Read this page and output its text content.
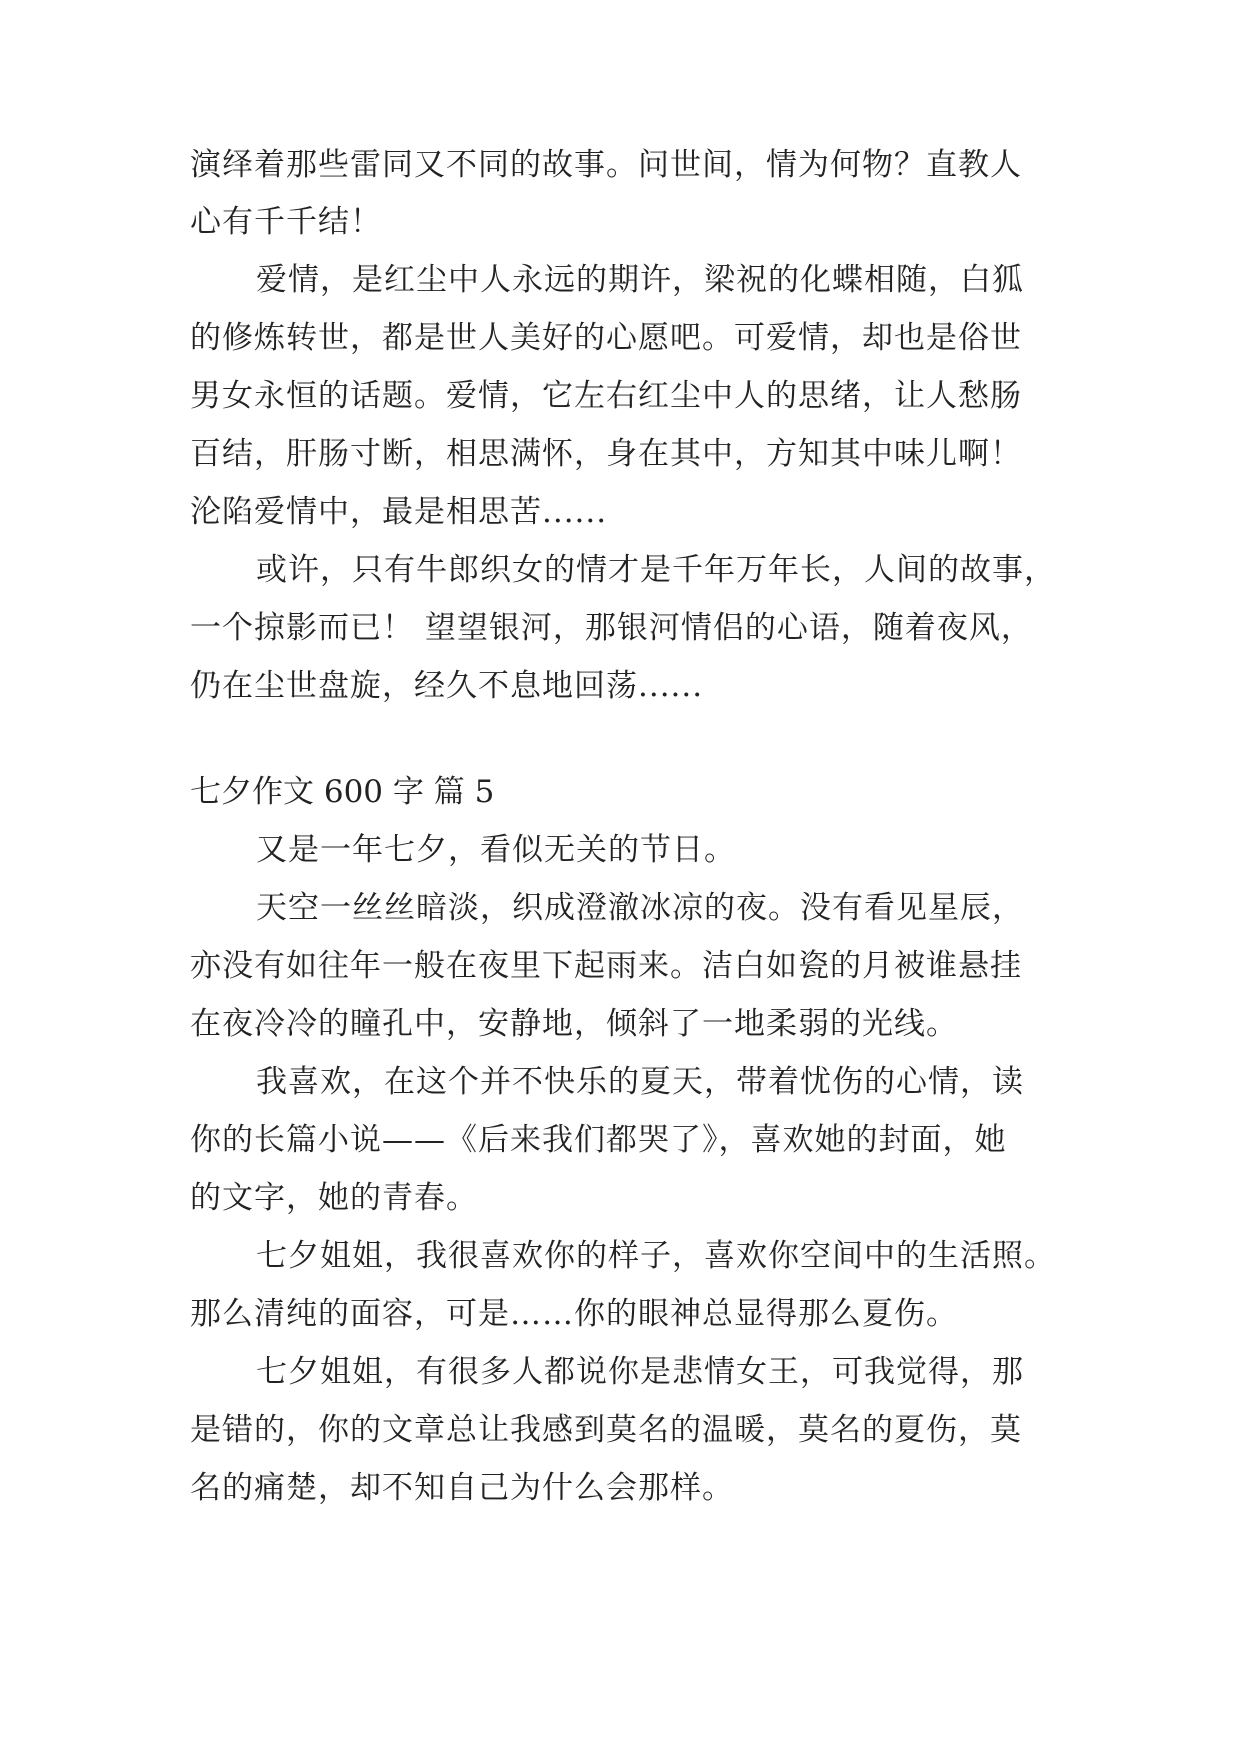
演绎着那些雷同又不同的故事。问世间，情为何物？直教人
心有千千结！
爱情，是红尘中人永远的期许，梁祝的化蝶相随，白狐
的修炼转世，都是世人美好的心愿吧。可爱情，却也是俗世
男女永恒的话题。爱情，它左右红尘中人的思绪，让人愁肠
百结，肝肠寸断，相思满怀，身在其中，方知其中味儿啊！
沦陷爱情中，最是相思苦......
或许，只有牛郎织女的情才是千年万年长，人间的故事，
一个掠影而已！ 望望银河，那银河情侣的心语，随着夜风，
仍在尘世盘旋，经久不息地回荡......
七夕作文 600 字 篇 5
又是一年七夕，看似无关的节日。
天空一丝丝暗淡，织成澄澈冰凉的夜。没有看见星辰，
亦没有如往年一般在夜里下起雨来。洁白如瓷的月被谁悬挂
在夜冷冷的瞳孔中，安静地，倾斜了一地柔弱的光线。
我喜欢，在这个并不快乐的夏天，带着忧伤的心情，读
你的长篇小说——《后来我们都哭了》，喜欢她的封面，她
的文字，她的青春。
七夕姐姐，我很喜欢你的样子，喜欢你空间中的生活照。
那么清纯的面容，可是……你的眼神总显得那么夏伤。
七夕姐姐，有很多人都说你是悲情女王，可我觉得，那
是错的，你的文章总让我感到莫名的温暖，莫名的夏伤，莫
名的痛楚，却不知自己为什么会那样。
